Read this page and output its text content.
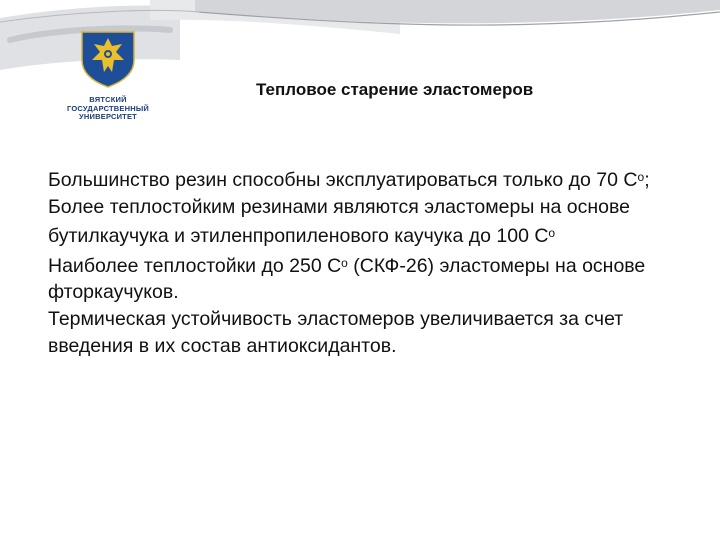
ВЯТСКИЙ
ГОСУДАРСТВЕННЫЙ
УНИВЕРСИТЕТ
Тепловое старение эластомеров

Большинство резин способны эксплуатироваться только до 70 $С^о$;

Более теплостойким резинами являются эластомеры на основе бутилкаучука и этиленпропиленового каучука до 100 $С^о$

Наиболее теплостойки до 250 $С^о$ (СКФ-26) эластомеры на основе фторкаучуков.

Термическая устойчивость эластомеров увеличивается за счет введения в их состав антиоксидантов.
